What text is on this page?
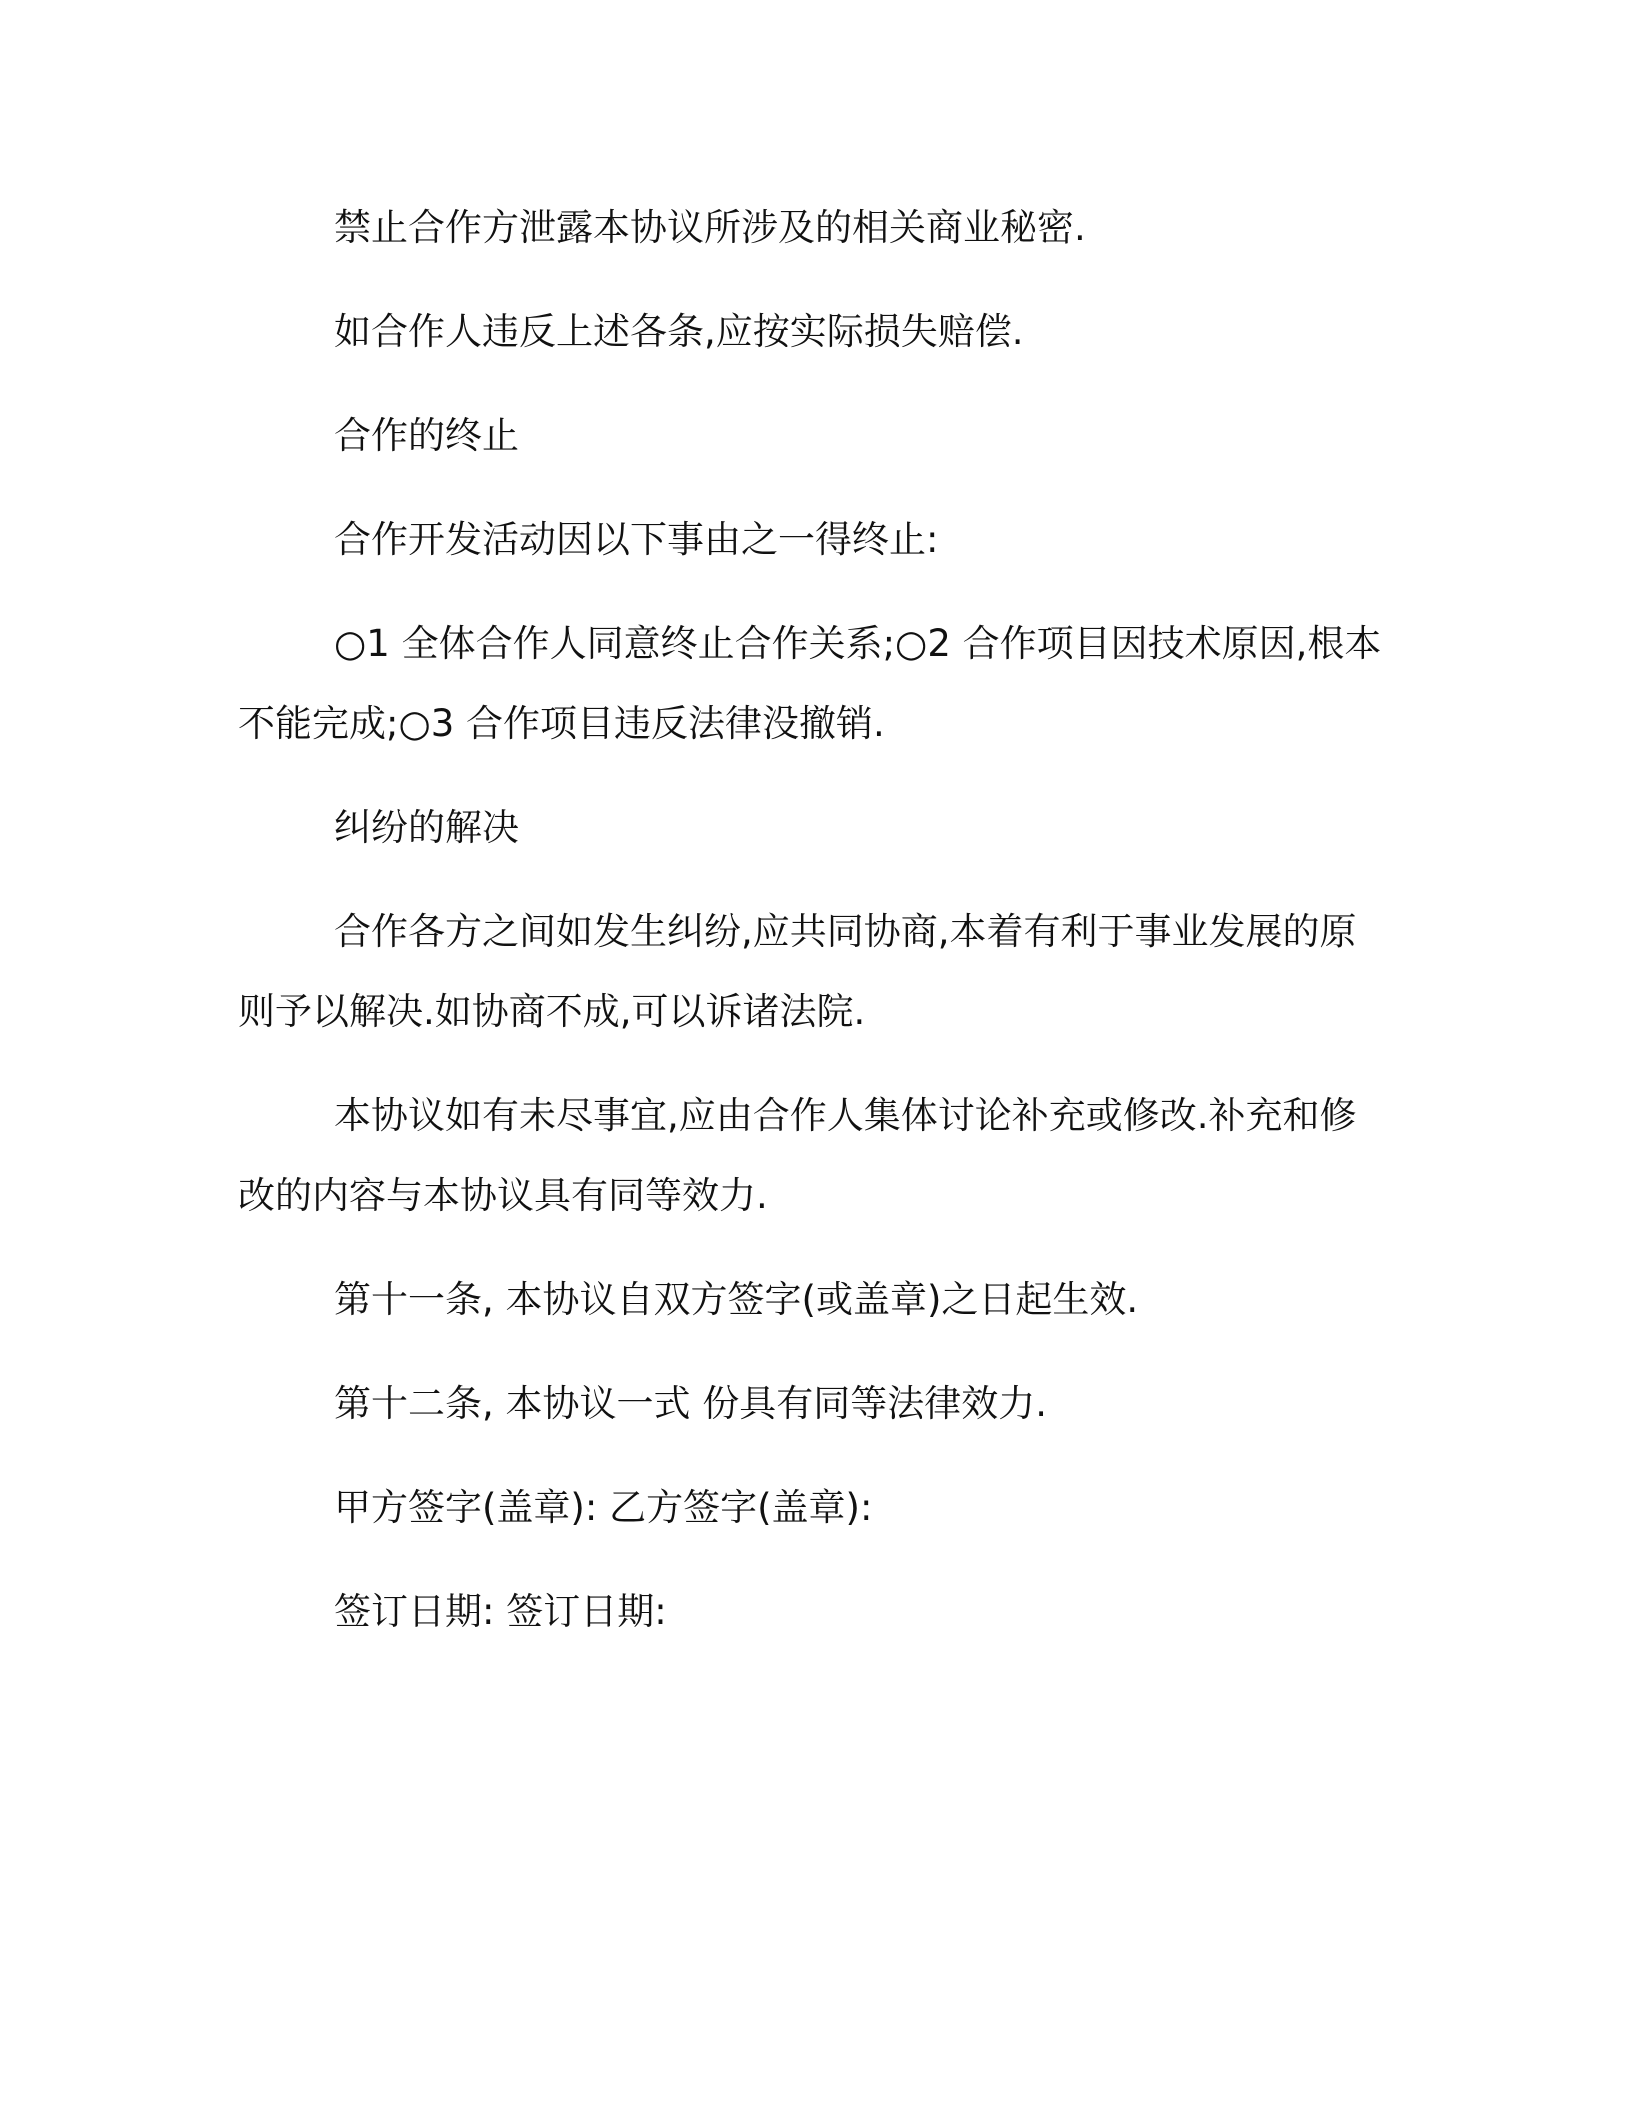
禁止合作方泄露本协议所涉及的相关商业秘密.

如合作人违反上述各条,应按实际损失赔偿.

合作的终止

合作开发活动因以下事由之一得终止:

○1 全体合作人同意终止合作关系;○2 合作项目因技术原因,根本不能完成;○3 合作项目违反法律没撤销.

纠纷的解决

合作各方之间如发生纠纷,应共同协商,本着有利于事业发展的原则予以解决.如协商不成,可以诉诸法院.

本协议如有未尽事宜,应由合作人集体讨论补充或修改.补充和修改的内容与本协议具有同等效力.

第十一条, 本协议自双方签字(或盖章)之日起生效.

第十二条, 本协议一式 份具有同等法律效力.

甲方签字(盖章): 乙方签字(盖章):

签订日期: 签订日期:
